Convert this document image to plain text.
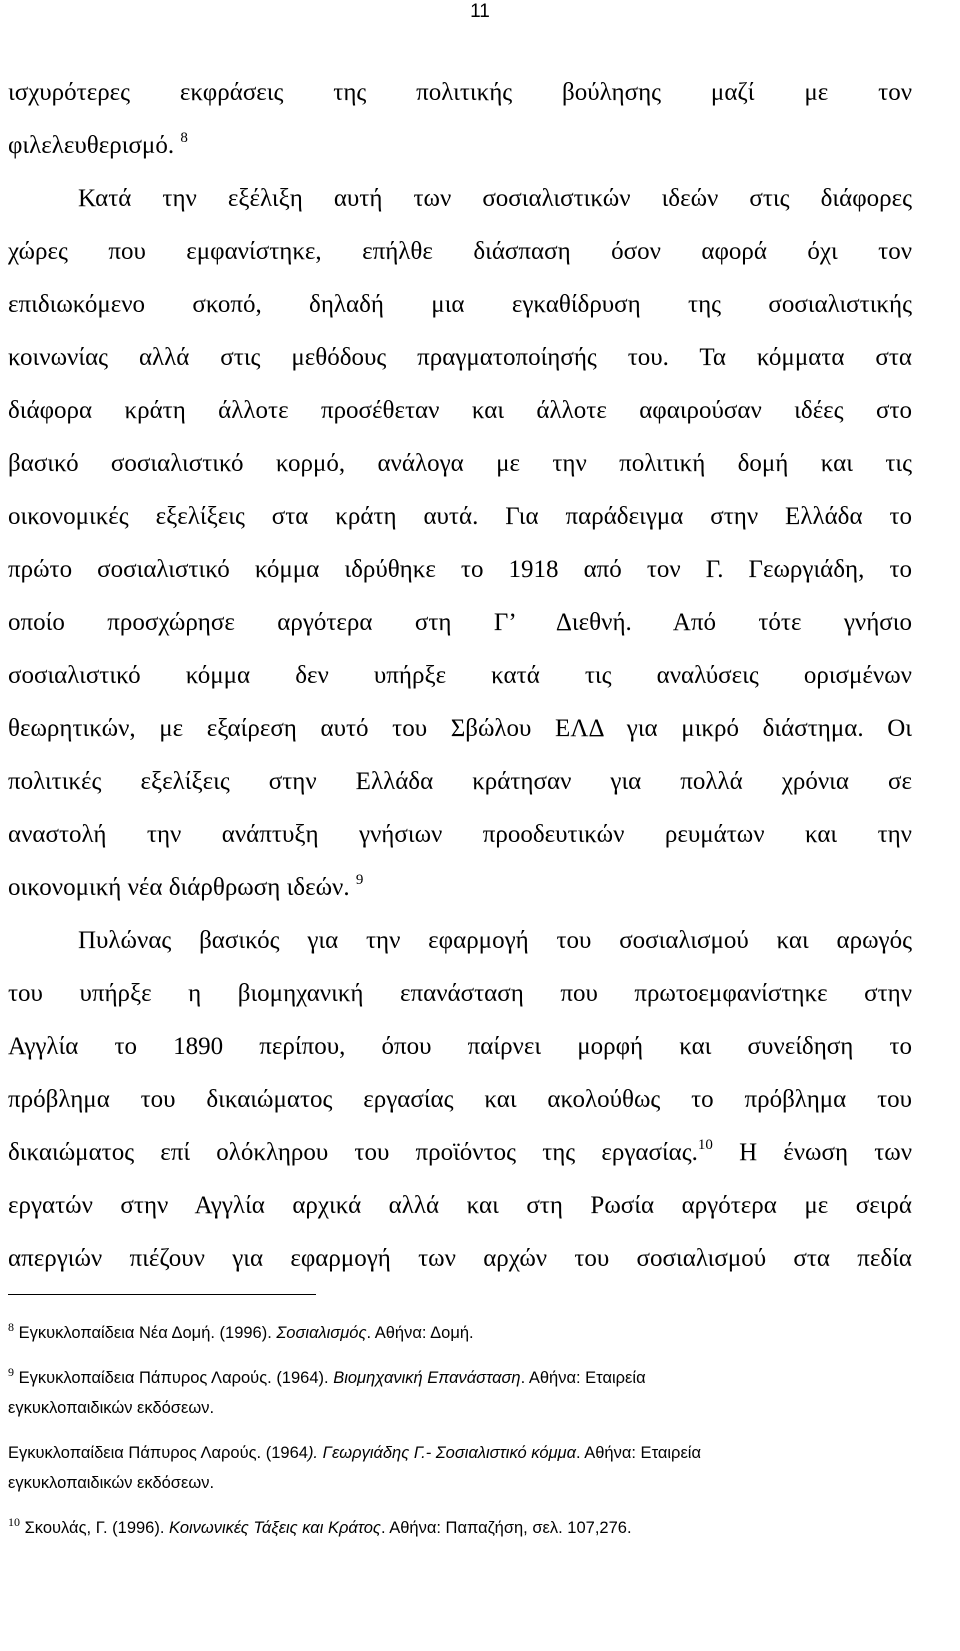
11

ισχυρότερες εκφράσεις της πολιτικής βούλησης μαζί με τον
φιλελευθερισμό. $^8$

Κατά την εξέλιξη αυτή των σοσιαλιστικών ιδεών στις διάφορες
χώρες που εμφανίστηκε, επήλθε διάσπαση όσον αφορά όχι τον
επιδιωκόμενο σκοπό, δηλαδή μια εγκαθίδρυση της σοσιαλιστικής
κοινωνίας αλλά στις μεθόδους πραγματοποίησής του. Τα κόμματα στα
διάφορα κράτη άλλοτε προσέθεταν και άλλοτε αφαιρούσαν ιδέες στο
βασικό σοσιαλιστικό κορμό, ανάλογα με την πολιτική δομή και τις
οικονομικές εξελίξεις στα κράτη αυτά. Για παράδειγμα στην Ελλάδα το
πρώτο σοσιαλιστικό κόμμα ιδρύθηκε το 1918 από τον Γ. Γεωργιάδη, το
οποίο προσχώρησε αργότερα στη Γ’ Διεθνή. Από τότε γνήσιο
σοσιαλιστικό κόμμα δεν υπήρξε κατά τις αναλύσεις ορισμένων
θεωρητικών, με εξαίρεση αυτό του Σβώλου ΕΛΔ για μικρό διάστημα. Οι
πολιτικές εξελίξεις στην Ελλάδα κράτησαν για πολλά χρόνια σε
αναστολή την ανάπτυξη γνήσιων προοδευτικών ρευμάτων και την
οικονομική νέα διάρθρωση ιδεών. $^9$

Πυλώνας βασικός για την εφαρμογή του σοσιαλισμού και αρωγός
του υπήρξε η βιομηχανική επανάσταση που πρωτοεμφανίστηκε στην
Αγγλία το 1890 περίπου, όπου παίρνει μορφή και συνείδηση το
πρόβλημα του δικαιώματος εργασίας και ακολούθως το πρόβλημα του
δικαιώματος επί ολόκληρου του προϊόντος της εργασίας.$^{10}$ Η ένωση των
εργατών στην Αγγλία αρχικά αλλά και στη Ρωσία αργότερα με σειρά
απεργιών πιέζουν για εφαρμογή των αρχών του σοσιαλισμού στα πεδία

$^8$ Εγκυκλοπαίδεια Νέα Δομή. (1996). Σοσιαλισμός. Αθήνα: Δομή.
$^9$ Εγκυκλοπαίδεια Πάπυρος Λαρούς. (1964). Βιομηχανική Επανάσταση. Αθήνα: Εταιρεία
εγκυκλοπαιδικών εκδόσεων.
Εγκυκλοπαίδεια Πάπυρος Λαρούς. (1964). Γεωργιάδης Γ.- Σοσιαλιστικό κόμμα. Αθήνα: Εταιρεία
εγκυκλοπαιδικών εκδόσεων.
$^{10}$ Σκουλάς, Γ. (1996). Κοινωνικές Τάξεις και Κράτος. Αθήνα: Παπαζήση, σελ. 107,276.
